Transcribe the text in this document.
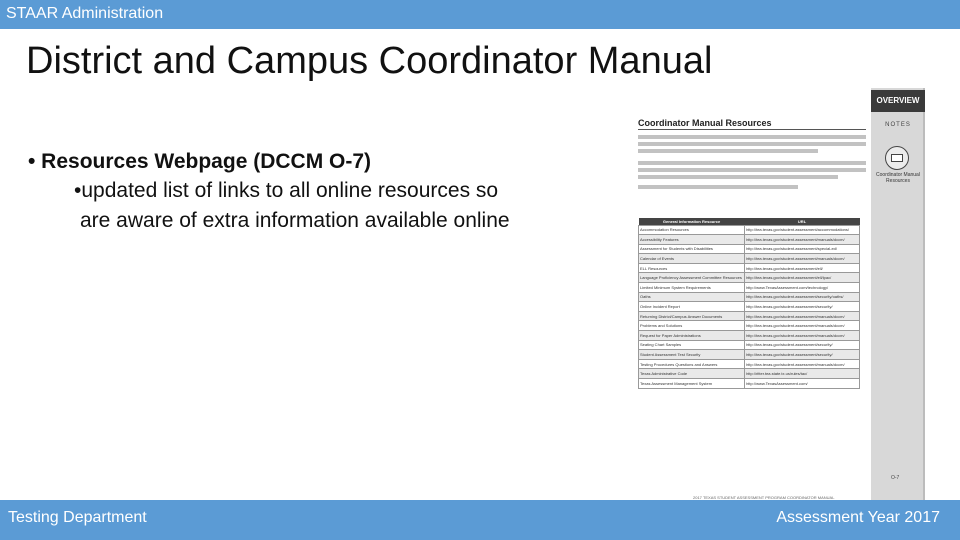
STAAR Administration
District and Campus Coordinator Manual
• Resources Webpage (DCCM O-7)
•updated list of links to all online resources so
are aware of extra information available online
Coordinator Manual Resources
General Information Resource	URL
Accommodation Resources	http://tea.texas.gov/student.assessment/accommodations/
Accessibility Features	http://tea.texas.gov/student.assessment/manuals/dccm/
Assessment for Students with Disabilities	http://tea.texas.gov/student.assessment/special-ed/
Calendar of Events	http://tea.texas.gov/student.assessment/manuals/dccm/
ELL Resources	http://tea.texas.gov/student.assessment/ell/
Language Proficiency Assessment Committee Resources	http://tea.texas.gov/student.assessment/ell/lpac/
Limited Minimum System Requirements	http://www.TexasAssessment.com/technology/
Oaths	http://tea.texas.gov/student.assessment/security/oaths/
Online Incident Report	http://tea.texas.gov/student.assessment/security/
Returning District/Campus Answer Documents	http://tea.texas.gov/student.assessment/manuals/dccm/
Problems and Solutions	http://tea.texas.gov/student.assessment/manuals/dccm/
Request for Paper Administrations	http://tea.texas.gov/student.assessment/manuals/dccm/
Seating Chart Samples	http://tea.texas.gov/student.assessment/security/
Student Assessment Test Security	http://tea.texas.gov/student.assessment/security/
Testing Procedures Questions and Answers	http://tea.texas.gov/student.assessment/manuals/dccm/
Texas Administrative Code	http://ritter.tea.state.tx.us/rules/tac/
Texas Assessment Management System	http://www.TexasAssessment.com/
2017 TEXAS STUDENT ASSESSMENT PROGRAM COORDINATOR MANUAL
OVERVIEW
NOTES
Coordinator Manual Resources
O-7
Testing Department	Assessment Year 2017
